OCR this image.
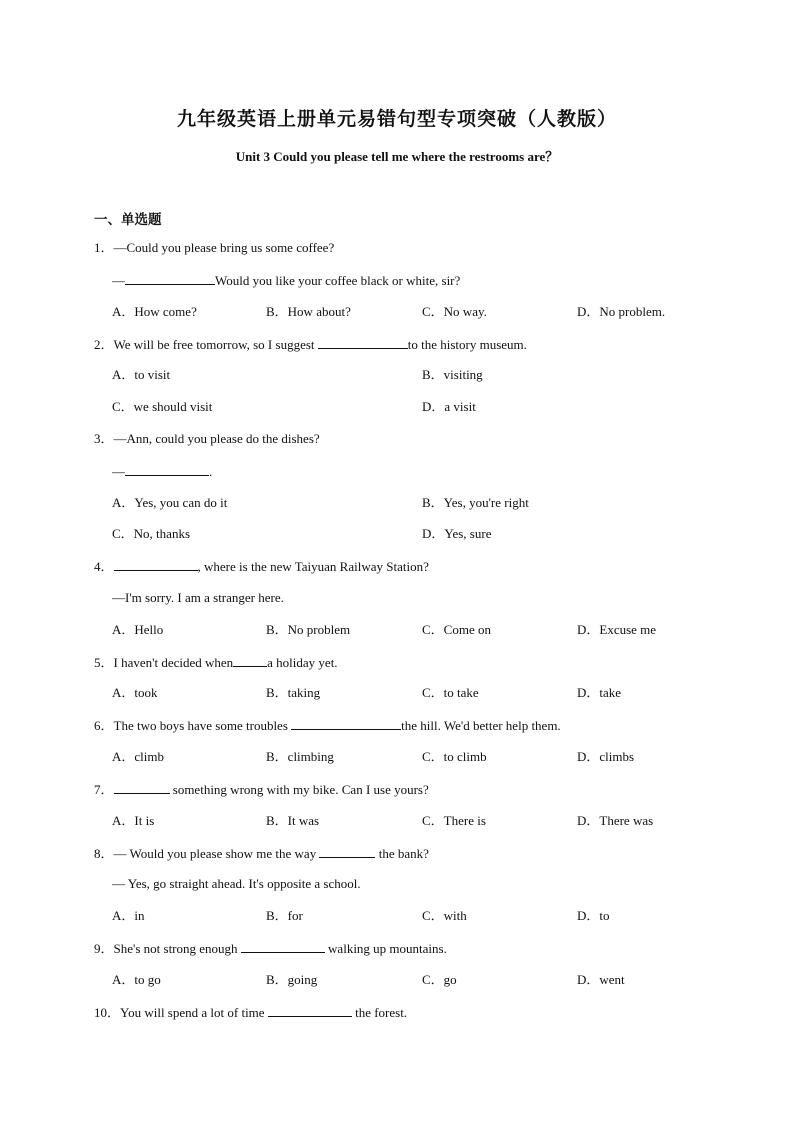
九年级英语上册单元易错句型专项突破（人教版）
Unit 3 Could you please tell me where the restrooms are？
一、单选题
1．—Could you please bring us some coffee?
—	Would you like your coffee black or white, sir?
A．How come?	B．How about?	C．No way.	D．No problem.
2．We will be free tomorrow, so I suggest	to the history museum.
A．to visit	B．visiting
C．we should visit	D．a visit
3．—Ann, could you please do the dishes?
—	.
A．Yes, you can do it	B．Yes, you're right
C．No, thanks	D．Yes, sure
4．	, where is the new Taiyuan Railway Station?
—I'm sorry. I am a stranger here.
A．Hello	B．No problem	C．Come on	D．Excuse me
5．I haven't decided when	a holiday yet.
A．took	B．taking	C．to take	D．take
6．The two boys have some troubles	the hill. We'd better help them.
A．climb	B．climbing	C．to climb	D．climbs
7．	something wrong with my bike. Can I use yours?
A．It is	B．It was	C．There is	D．There was
8．— Would you please show me the way	the bank?
— Yes, go straight ahead. It's opposite a school.
A．in	B．for	C．with	D．to
9．She's not strong enough	walking up mountains.
A．to go	B．going	C．go	D．went
10．You will spend a lot of time	the forest.
